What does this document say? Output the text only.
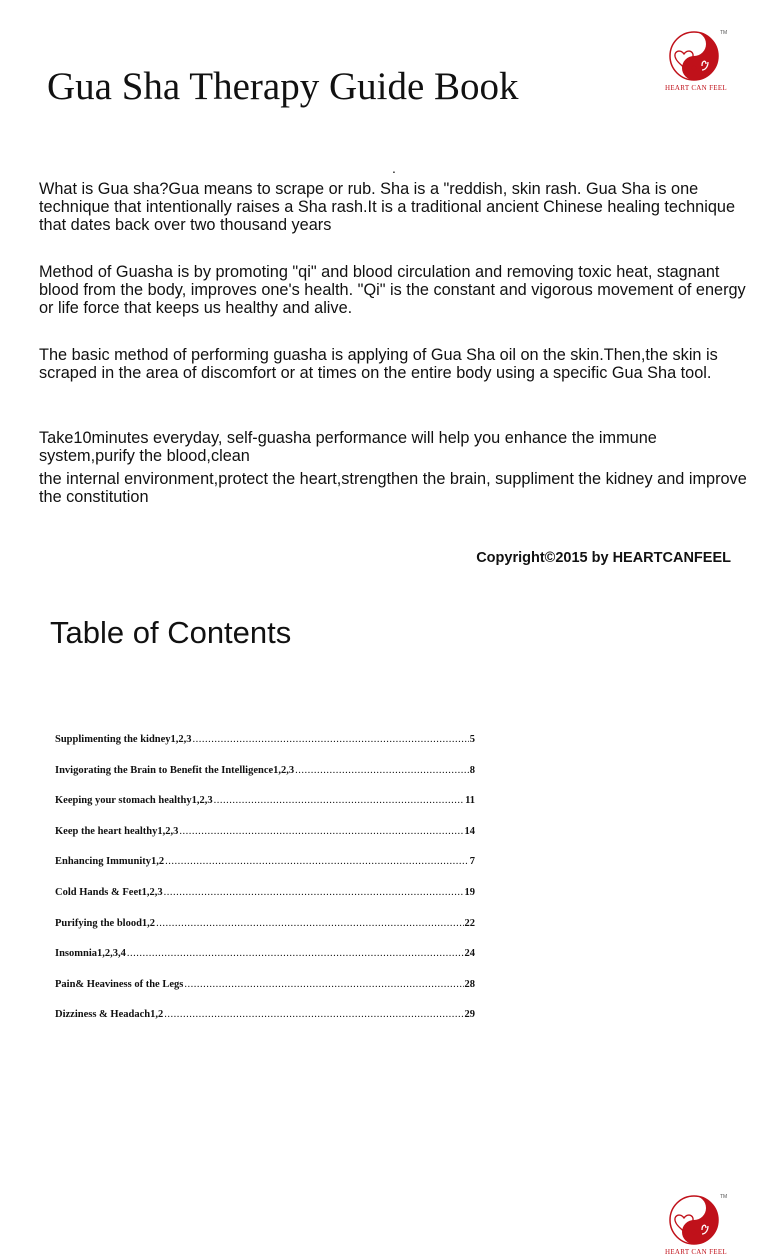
Gua Sha Therapy Guide Book
TM
HEART CAN FEEL
.

What is Gua sha?Gua means to scrape or rub. Sha is a "reddish, skin rash. Gua Sha is one technique that intentionally raises a Sha rash.It is a traditional ancient Chinese healing technique that dates back over two thousand years

Method of Guasha is by promoting "qi" and blood circulation and removing toxic heat, stagnant blood from the body, improves one's health. "Qi" is the constant and vigorous movement of energy or life force that keeps us healthy and alive.

The basic method of performing guasha is applying of Gua Sha oil on the skin.Then,the skin is scraped in the area of discomfort or at times on the entire body using a specific Gua Sha tool.

Take10minutes everyday, self-guasha performance will help you enhance the immune system,purify the blood,clean

the internal environment,protect the heart,strengthen the brain, suppliment the kidney and improve the constitution

Copyright©2015 by HEARTCANFEEL
Table of Contents
TM
HEART CAN FEEL
Supplimenting the kidney1,2,3 .....	5
Invigorating the Brain to Benefit the Intelligence1,2,3 .....	8
Keeping your stomach healthy1,2,3 .....	11
Keep the heart healthy1,2,3 .....	14
Enhancing Immunity1,2 .....	7
Cold Hands & Feet1,2,3 .....	19
Purifying the blood1,2 .....	22
Insomnia1,2,3,4 .....	24
Pain& Heaviness of the Legs .....	28
Dizziness & Headach1,2 .....	29
